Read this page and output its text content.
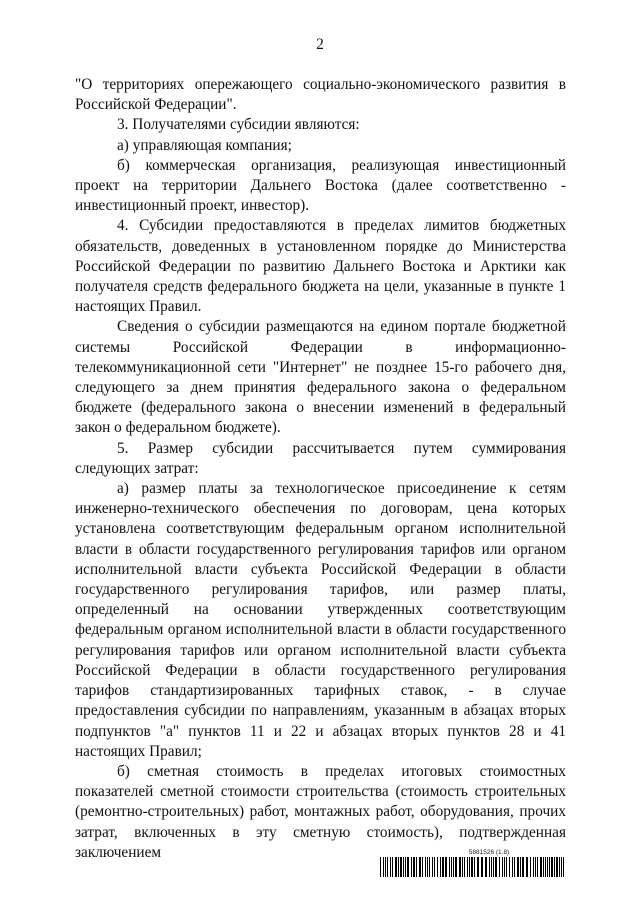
2

"О территориях опережающего социально-экономического развития в Российской Федерации".

3. Получателями субсидии являются:

а) управляющая компания;

б) коммерческая организация, реализующая инвестиционный проект на территории Дальнего Востока (далее соответственно - инвестиционный проект, инвестор).

4. Субсидии предоставляются в пределах лимитов бюджетных обязательств, доведенных в установленном порядке до Министерства Российской Федерации по развитию Дальнего Востока и Арктики как получателя средств федерального бюджета на цели, указанные в пункте 1 настоящих Правил.

Сведения о субсидии размещаются на едином портале бюджетной системы Российской Федерации в информационно-телекоммуникационной сети "Интернет" не позднее 15-го рабочего дня, следующего за днем принятия федерального закона о федеральном бюджете (федерального закона о внесении изменений в федеральный закон о федеральном бюджете).

5. Размер субсидии рассчитывается путем суммирования следующих затрат:

а) размер платы за технологическое присоединение к сетям инженерно-технического обеспечения по договорам, цена которых установлена соответствующим федеральным органом исполнительной власти в области государственного регулирования тарифов или органом исполнительной власти субъекта Российской Федерации в области государственного регулирования тарифов, или размер платы, определенный на основании утвержденных соответствующим федеральным органом исполнительной власти в области государственного регулирования тарифов или органом исполнительной власти субъекта Российской Федерации в области государственного регулирования тарифов стандартизированных тарифных ставок, - в случае предоставления субсидии по направлениям, указанным в абзацах вторых подпунктов "а" пунктов 11 и 22 и абзацах вторых пунктов 28 и 41 настоящих Правил;

б) сметная стоимость в пределах итоговых стоимостных показателей сметной стоимости строительства (стоимость строительных (ремонтно-строительных) работ, монтажных работ, оборудования, прочих затрат, включенных в эту сметную стоимость), подтвержденная заключением	5881526 (1.8)
